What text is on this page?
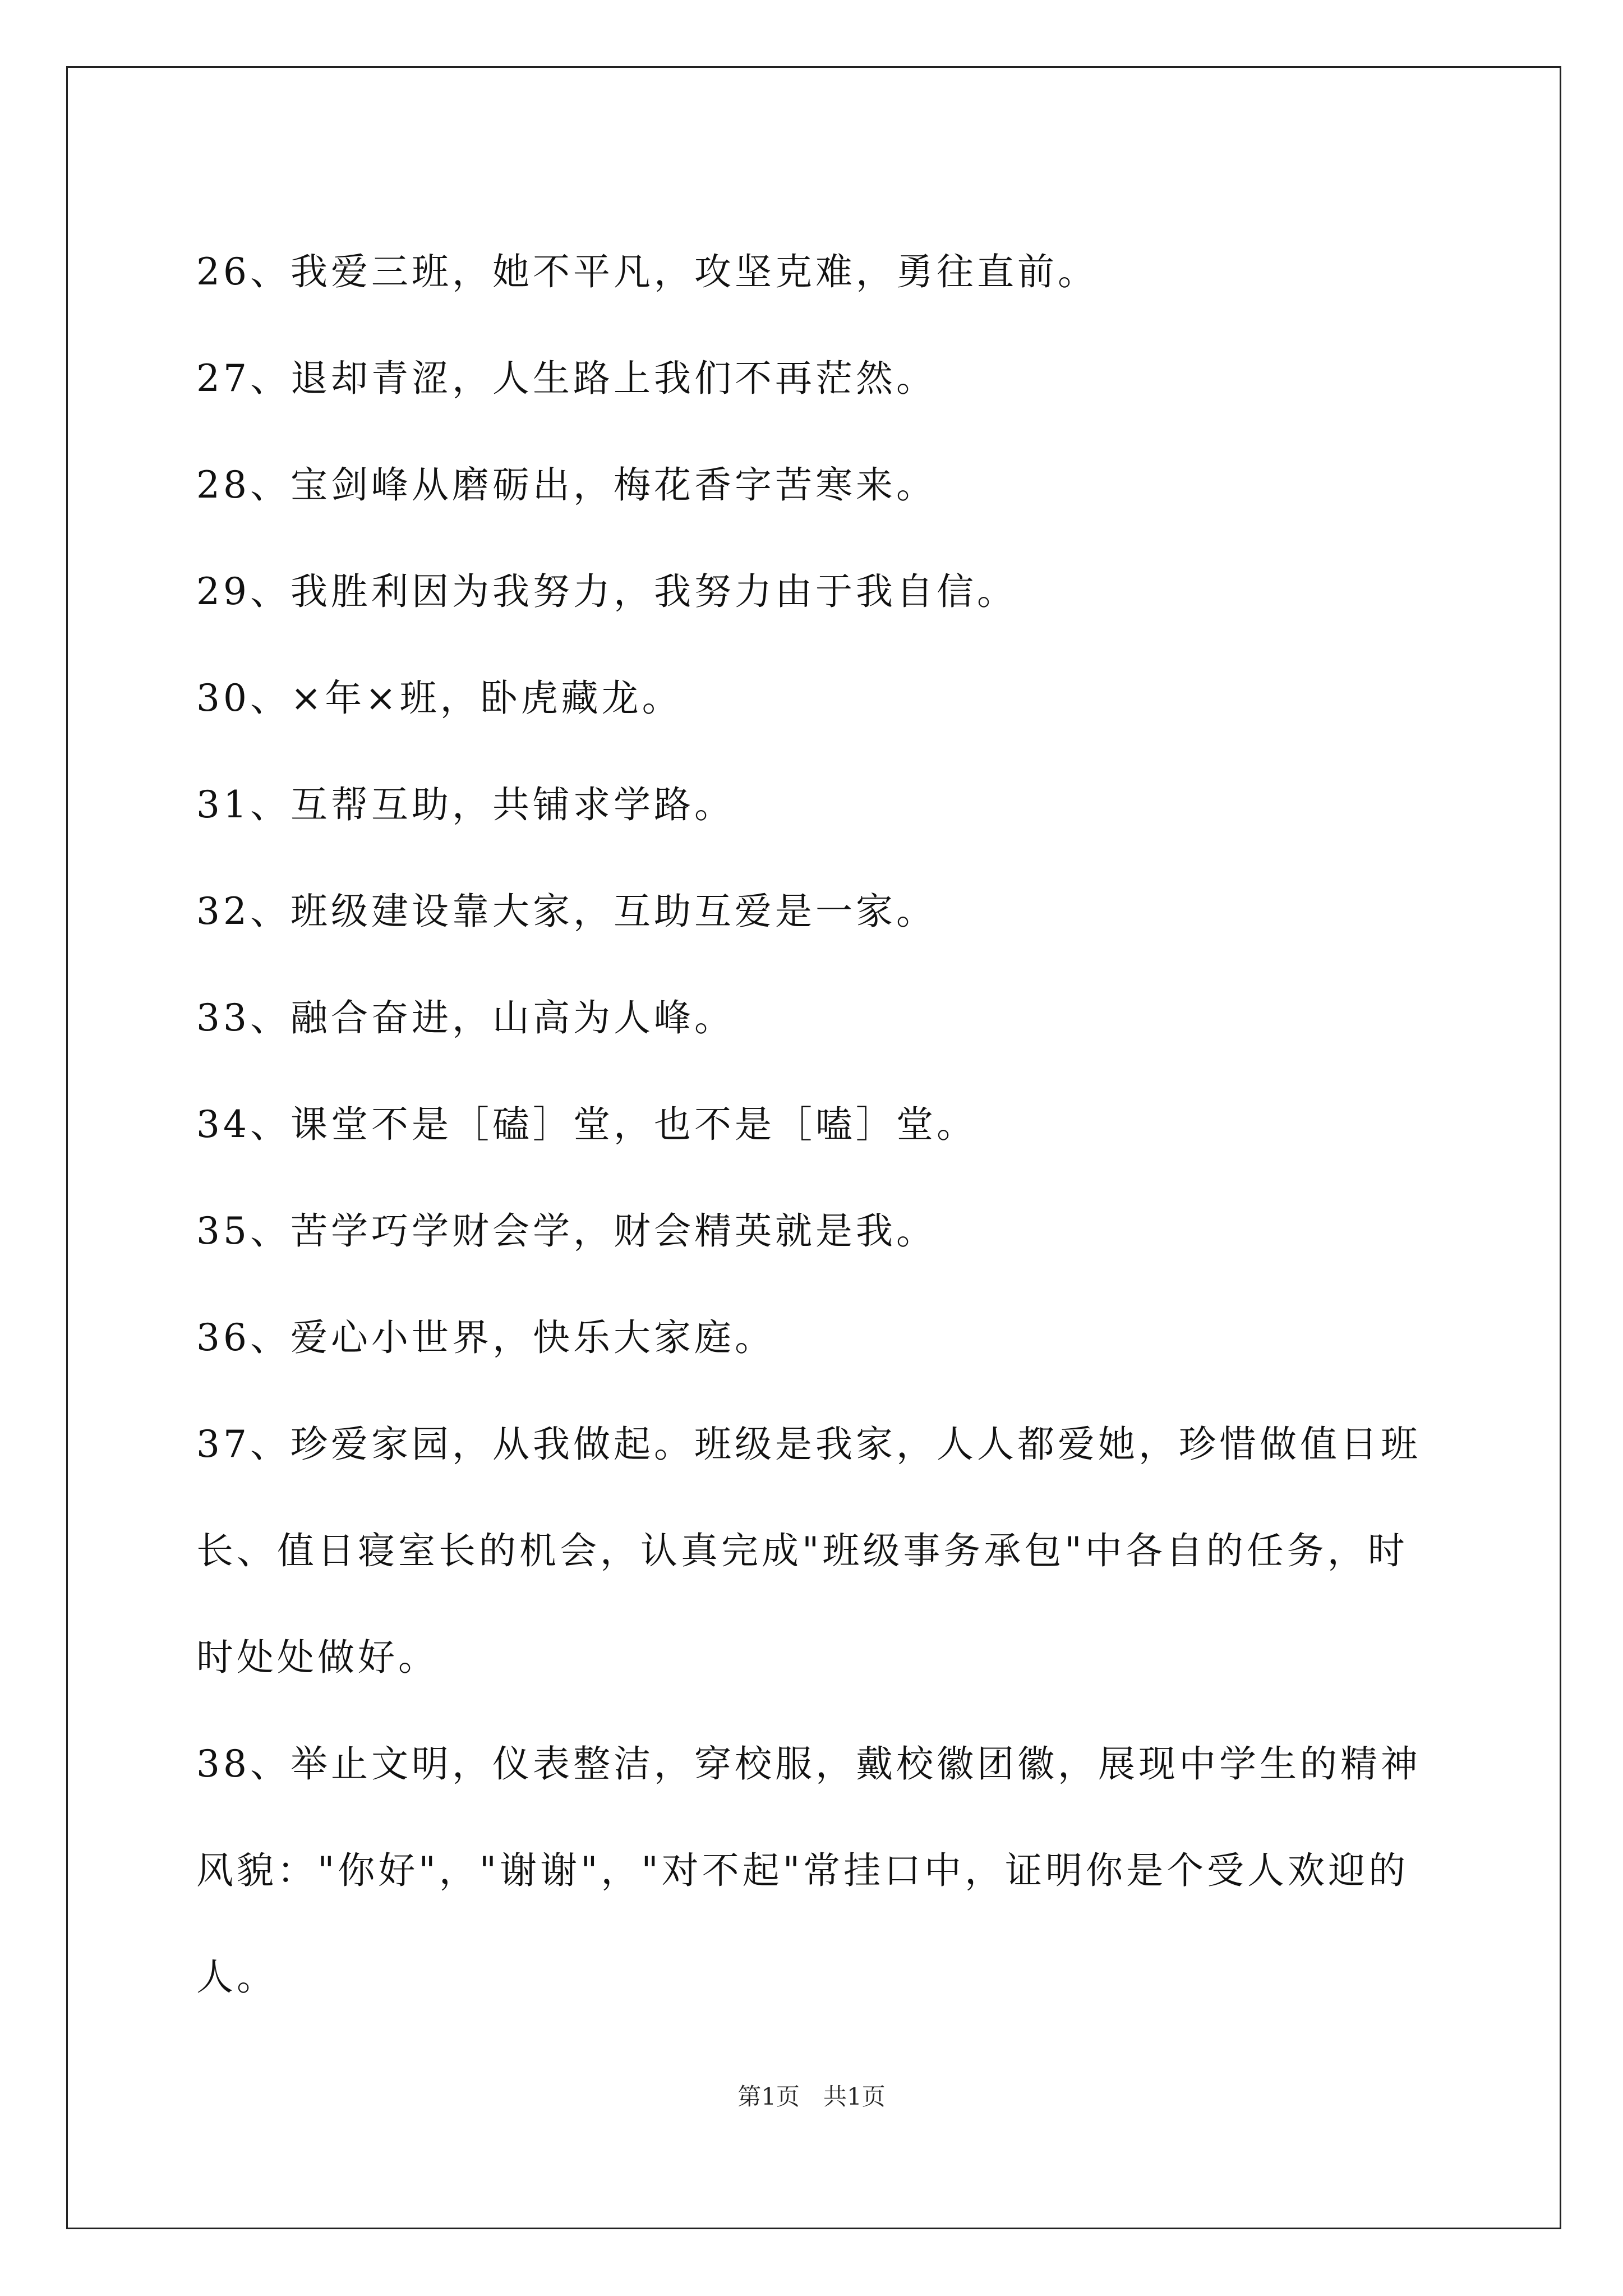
26、我爱三班，她不平凡，攻坚克难，勇往直前。

27、退却青涩，人生路上我们不再茫然。

28、宝剑峰从磨砺出，梅花香字苦寒来。

29、我胜利因为我努力，我努力由于我自信。

30、×年×班，卧虎藏龙。

31、互帮互助，共铺求学路。

32、班级建设靠大家，互助互爱是一家。

33、融合奋进，山高为人峰。

34、课堂不是［磕］堂，也不是［嗑］堂。

35、苦学巧学财会学，财会精英就是我。

36、爱心小世界，快乐大家庭。

37、珍爱家园，从我做起。班级是我家，人人都爱她，珍惜做值日班长、值日寝室长的机会，认真完成"班级事务承包"中各自的任务，时时处处做好。

38、举止文明，仪表整洁，穿校服，戴校徽团徽，展现中学生的精神风貌："你好"，"谢谢"，"对不起"常挂口中，证明你是个受人欢迎的人。

第1页　共1页
